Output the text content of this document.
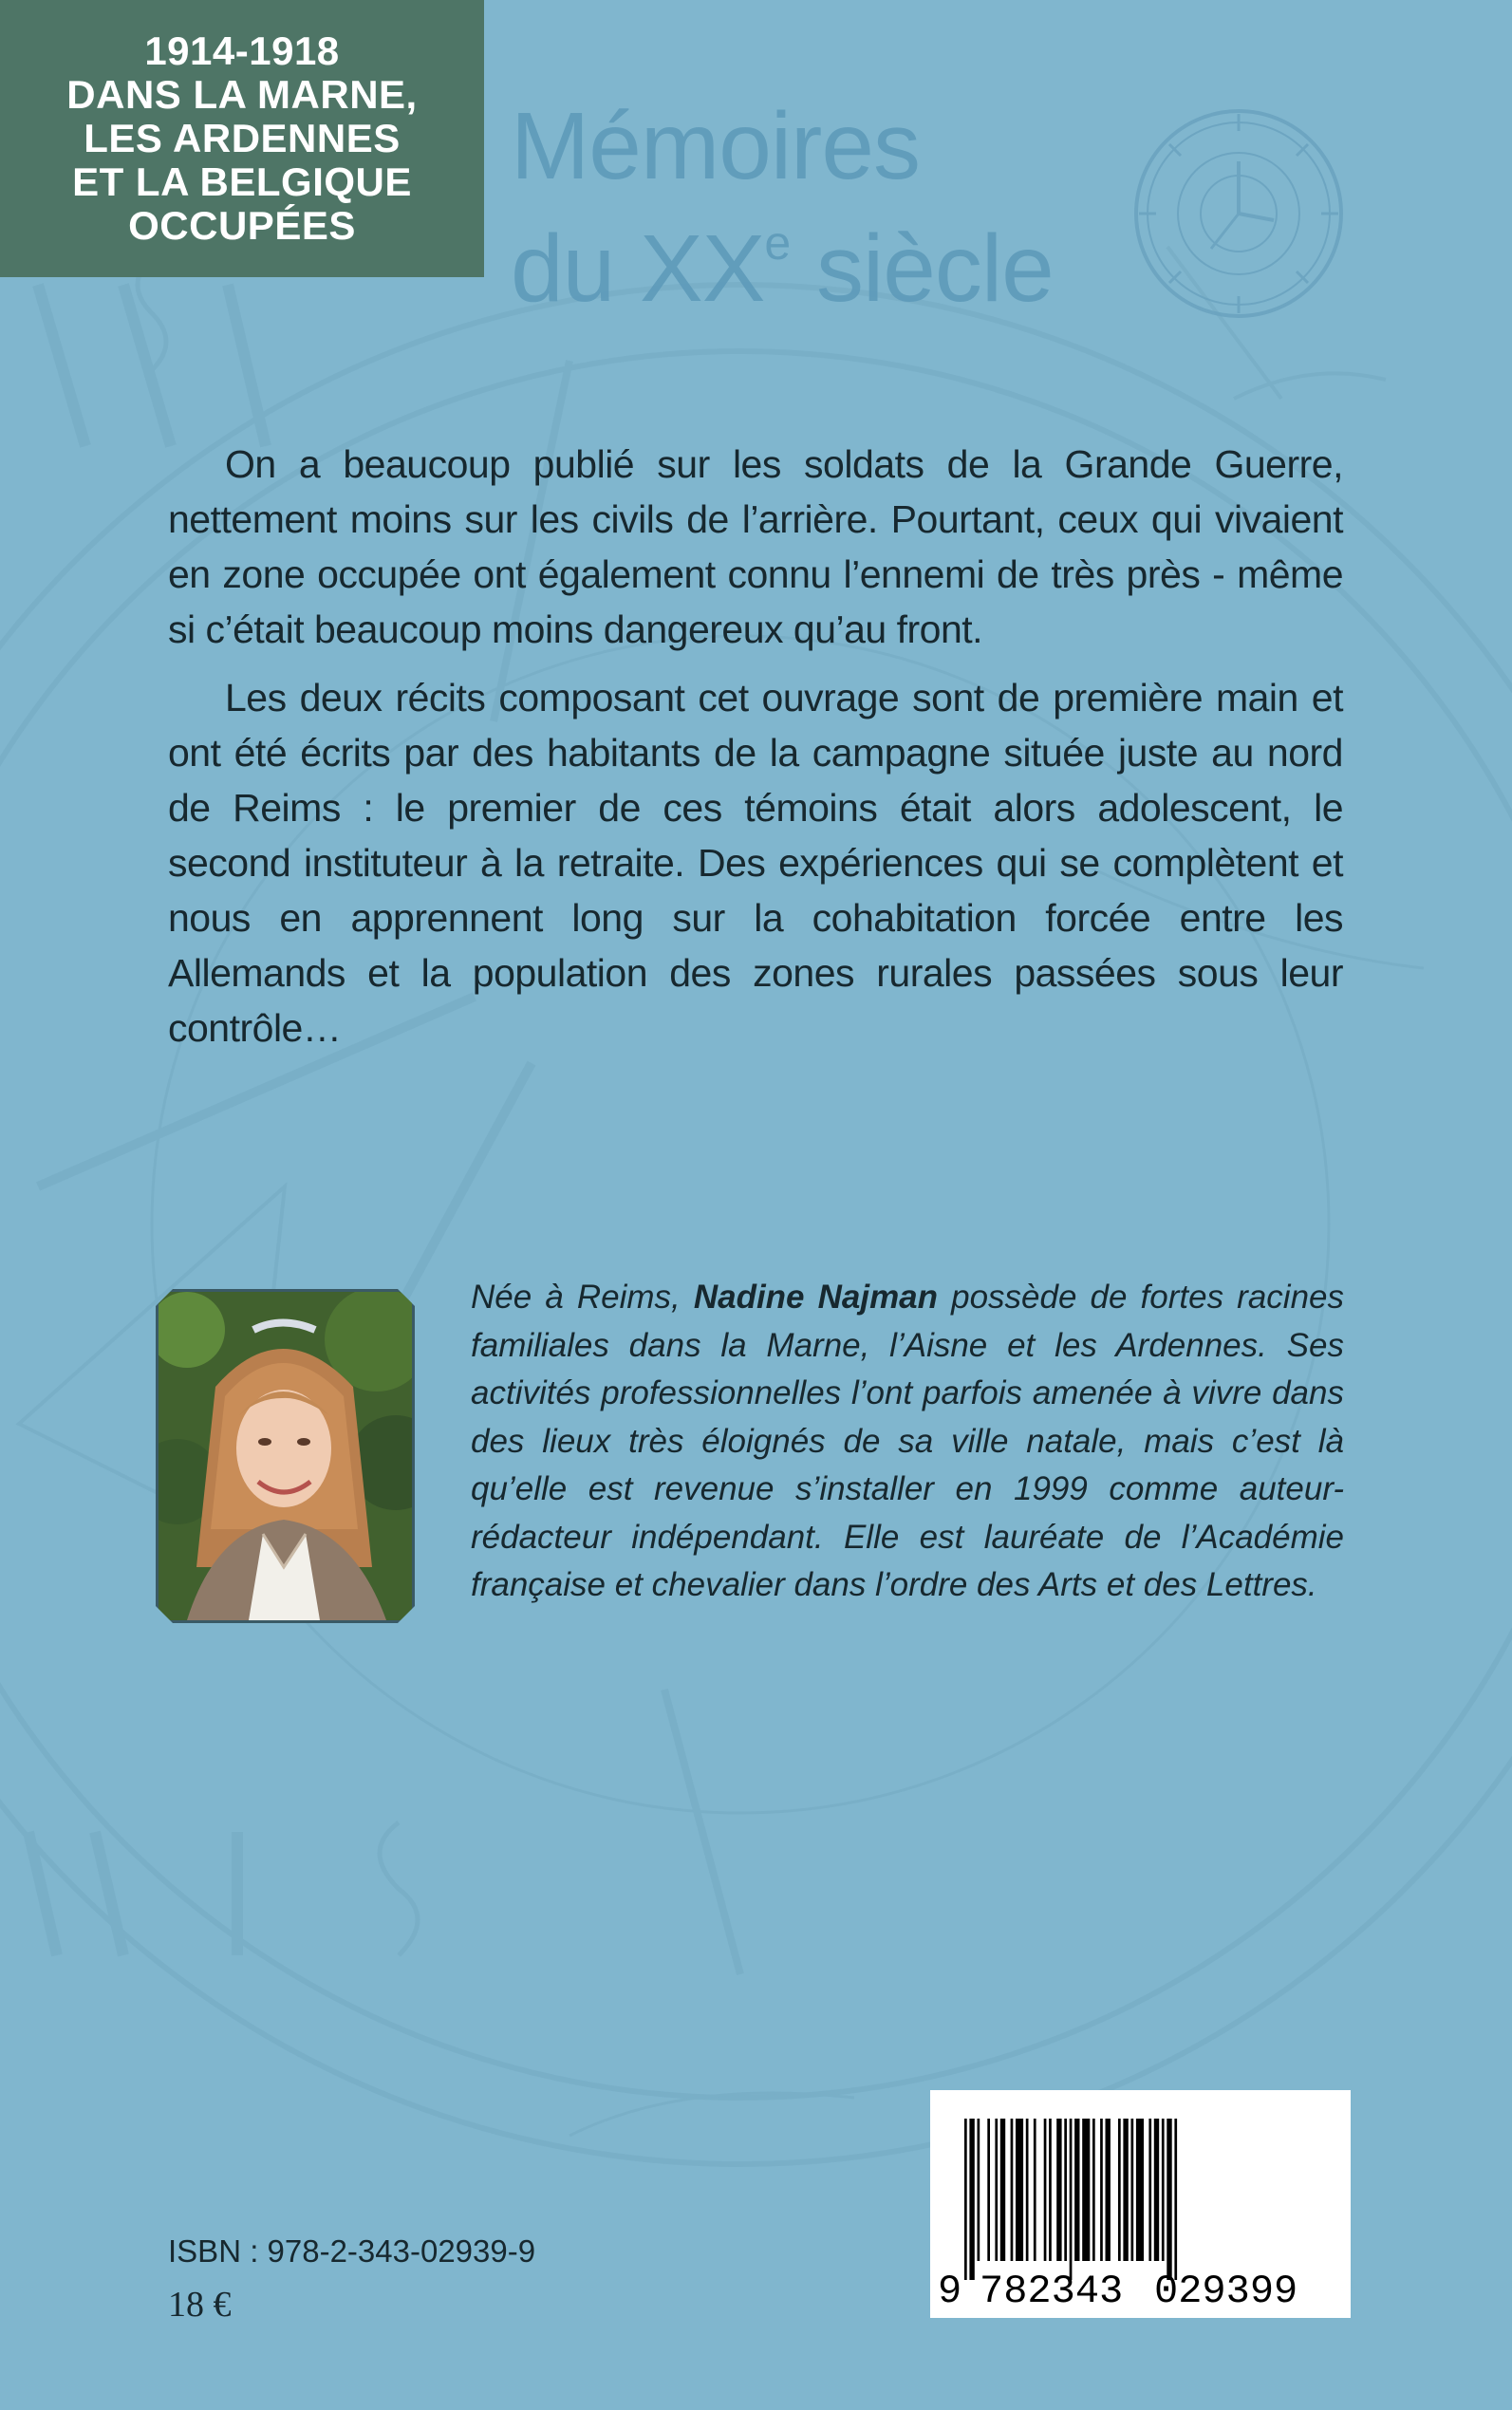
1914-1918
DANS LA MARNE,
LES ARDENNES
ET LA BELGIQUE
OCCUPÉES
Mémoires
du XXe siècle

On a beaucoup publié sur les soldats de la Grande Guerre, nettement moins sur les civils de l’arrière. Pourtant, ceux qui vivaient en zone occupée ont également connu l’ennemi de très près - même si c’était beaucoup moins dangereux qu’au front.

Les deux récits composant cet ouvrage sont de première main et ont été écrits par des habitants de la campagne située juste au nord de Reims : le premier de ces témoins était alors adolescent, le second instituteur à la retraite. Des expériences qui se complètent et nous en apprennent long sur la cohabitation forcée entre les Allemands et la population des zones rurales passées sous leur contrôle…

Née à Reims, Nadine Najman possède de fortes racines familiales dans la Marne, l’Aisne et les Ardennes. Ses activités professionnelles l’ont parfois amenée à vivre dans des lieux très éloignés de sa ville natale, mais c’est là qu’elle est revenue s’installer en 1999 comme auteur-rédacteur indépendant. Elle est lauréate de l’Académie française et chevalier dans l’ordre des Arts et des Lettres.
ISBN : 978-2-343-02939-9
18 €	9 782343 029399
